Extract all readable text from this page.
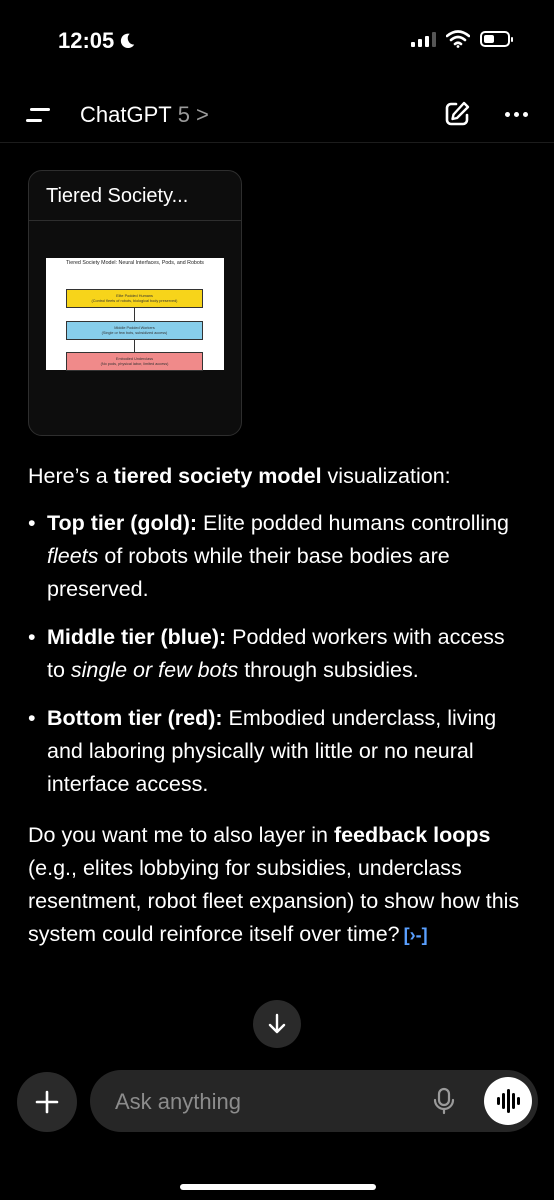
12:05
ChatGPT 5 >
Tiered Society...
Tiered Society Model: Neural Interfaces, Pods, and Robots
Elite Podded Humans
(Control fleets of robots, biological body preserved)
Middle Podded Workers
(Single or few bots, subsidized access)
Embodied Underclass
(No pods, physical labor, limited access)

Here’s a tiered society model visualization:

• Top tier (gold): Elite podded humans controlling fleets of robots while their base bodies are preserved.
• Middle tier (blue): Podded workers with access to single or few bots through subsidies.
• Bottom tier (red): Embodied underclass, living and laboring physically with little or no neural interface access.

Do you want me to also layer in feedback loops (e.g., elites lobbying for subsidies, underclass resentment, robot fleet expansion) to show how this system could reinforce itself over time? [›-]

Ask anything
